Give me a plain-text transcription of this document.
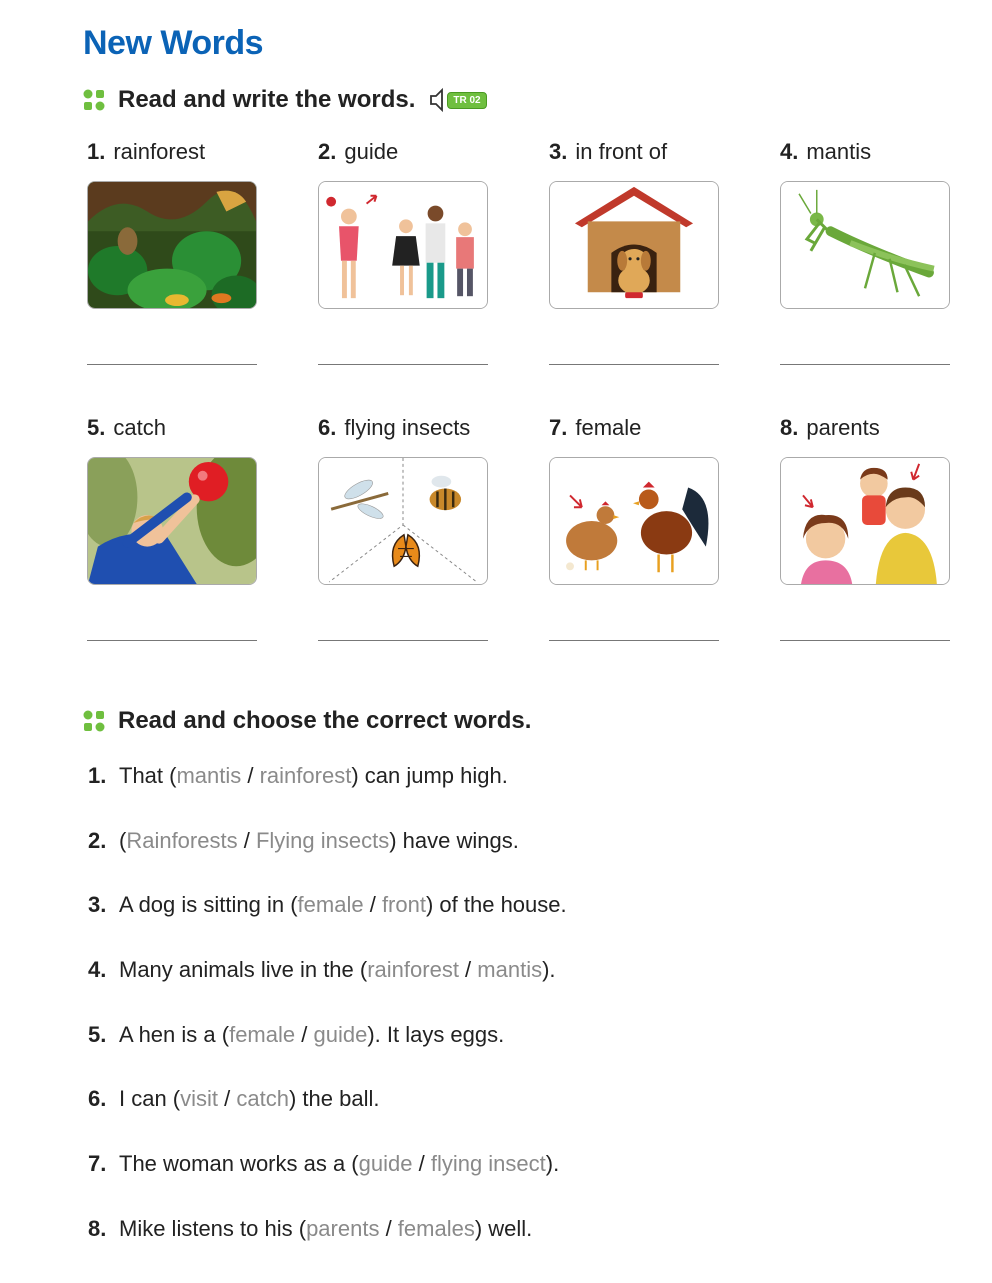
New Words
Read and write the words.	TR 02
1. rainforest	2. guide	3. in front of	4. mantis
5. catch	6. flying insects	7. female	8. parents
Read and choose the correct words.
1. That (mantis / rainforest) can jump high.
2. (Rainforests / Flying insects) have wings.
3. A dog is sitting in (female / front) of the house.
4. Many animals live in the (rainforest / mantis).
5. A hen is a (female / guide). It lays eggs.
6. I can (visit / catch) the ball.
7. The woman works as a (guide / flying insect).
8. Mike listens to his (parents / females) well.
